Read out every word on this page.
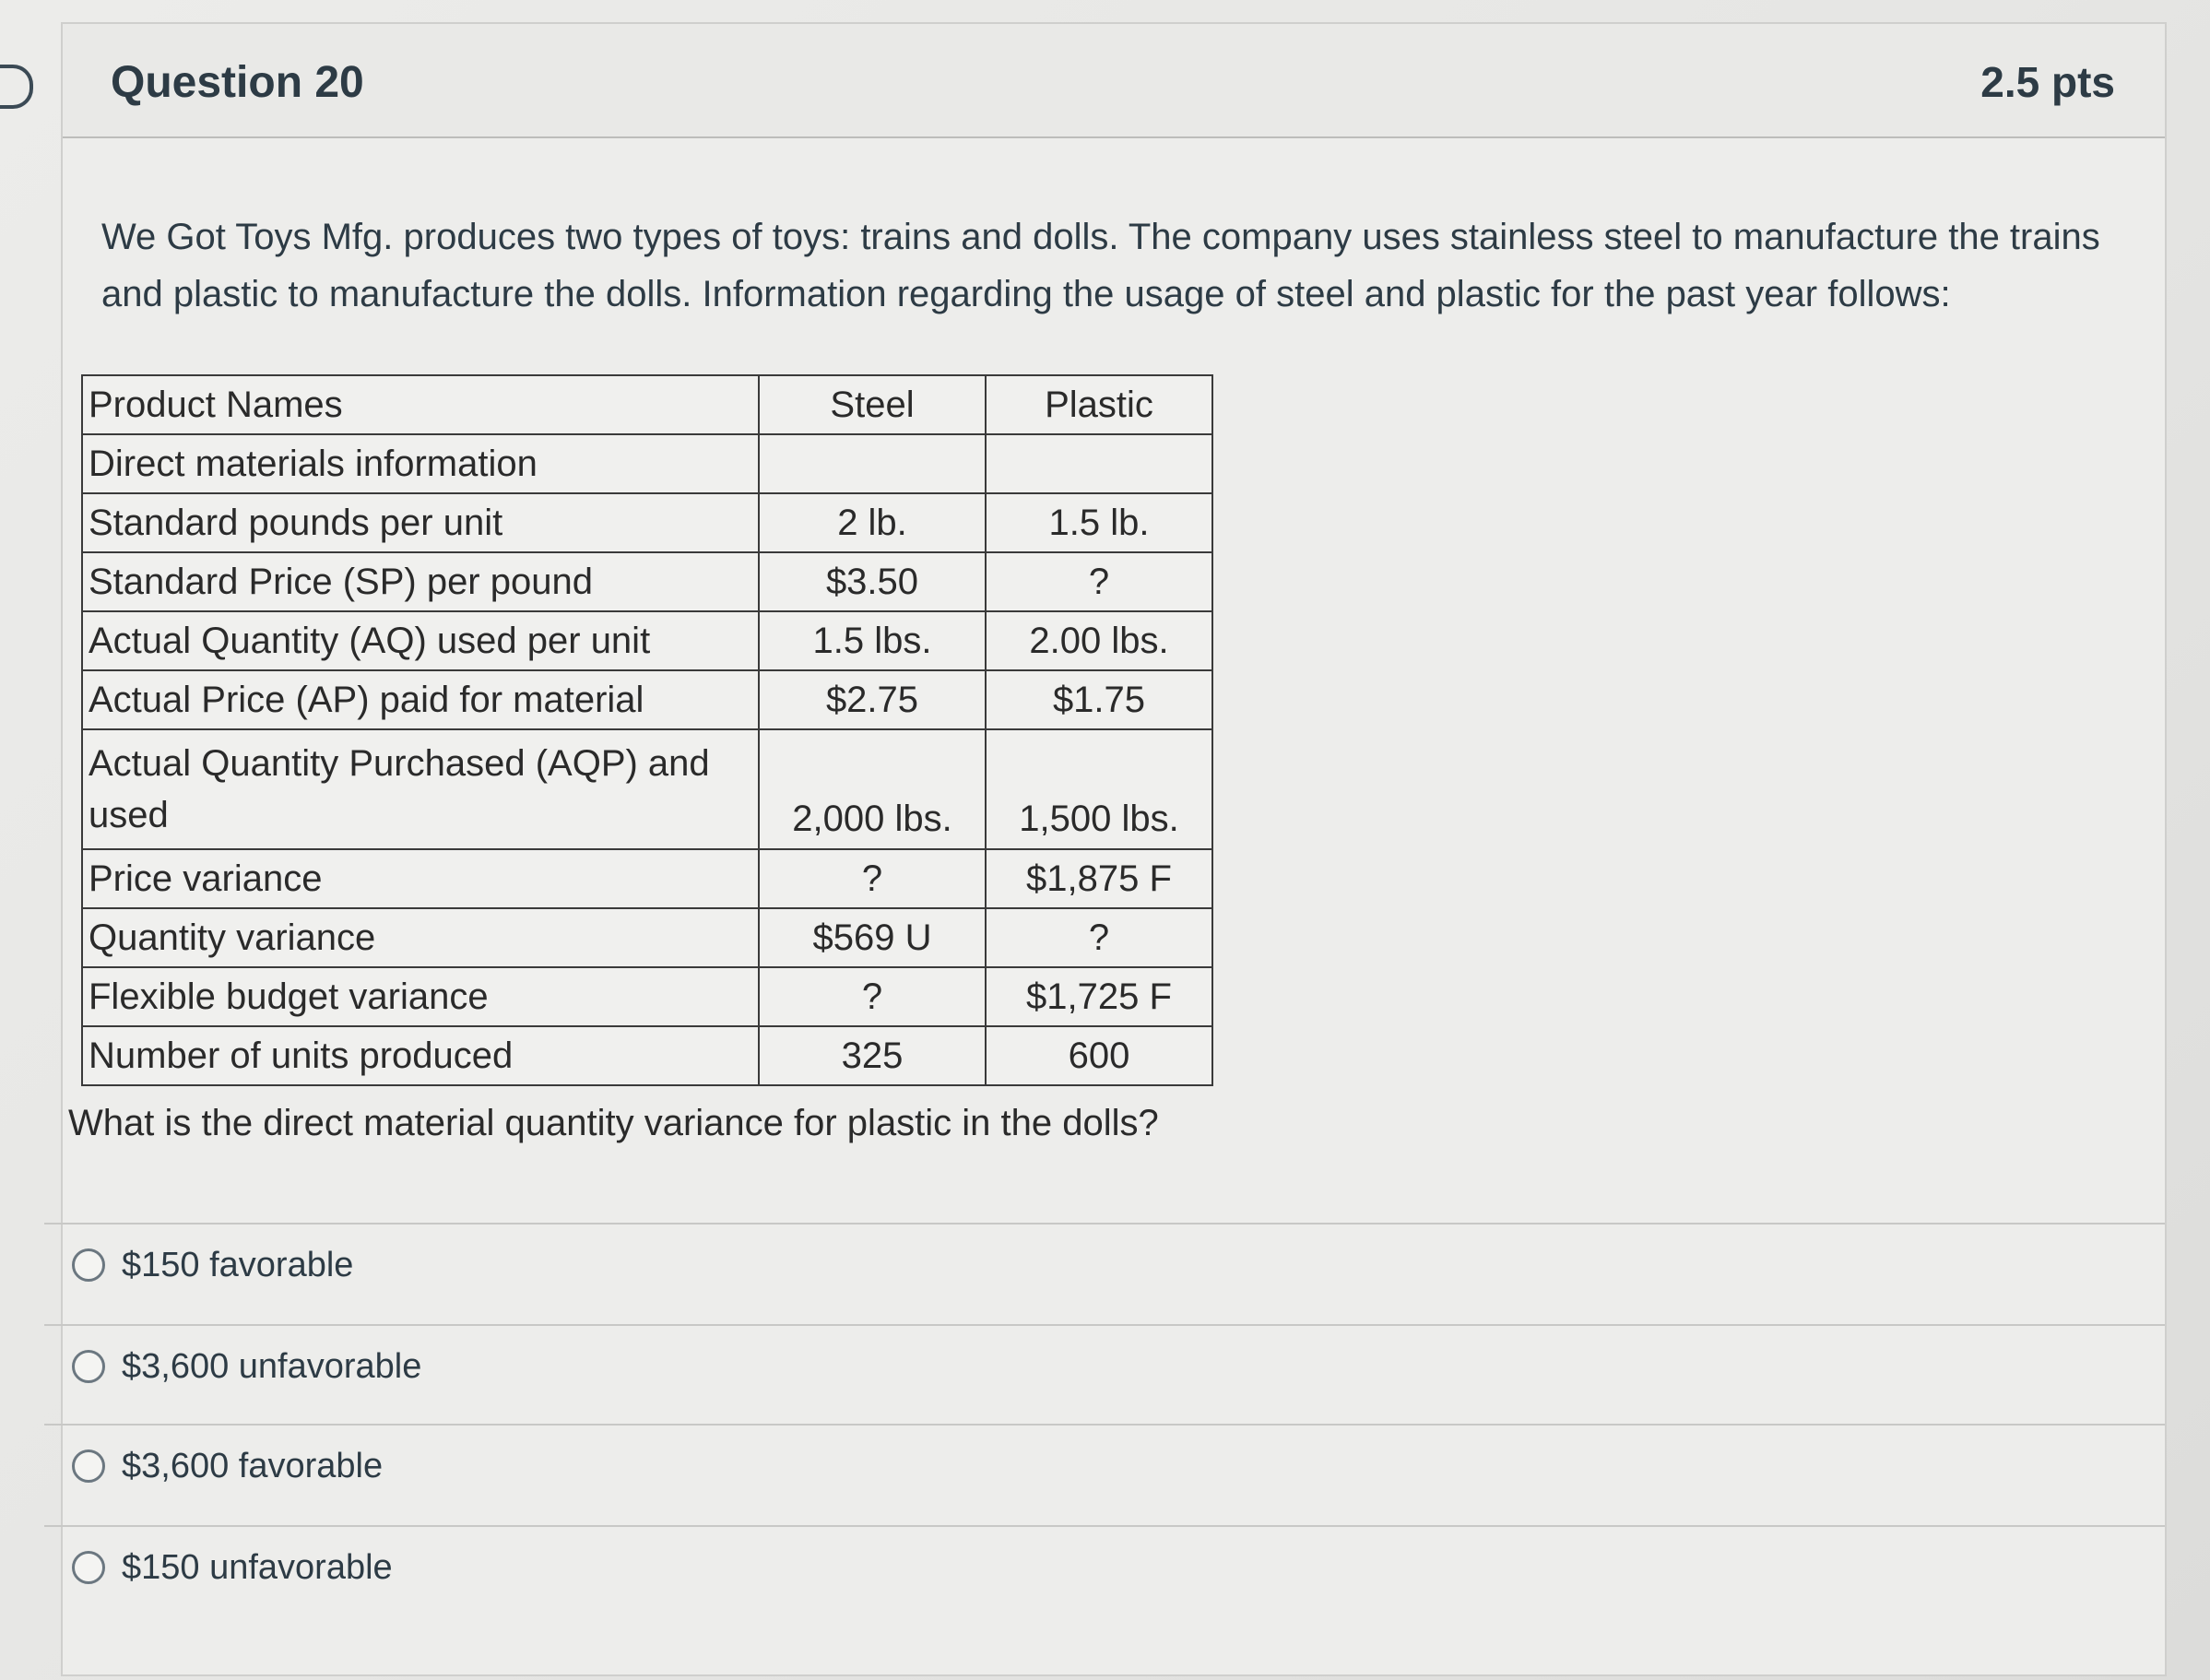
Question 20	2.5 pts
We Got Toys Mfg. produces two types of toys: trains and dolls. The company uses stainless steel to manufacture the trains and plastic to manufacture the dolls. Information regarding the usage of steel and plastic for the past year follows:
Product Names	Steel	Plastic
Direct materials information		
Standard pounds per unit	2 lb.	1.5 lb.
Standard Price (SP) per pound	$3.50	?
Actual Quantity (AQ) used per unit	1.5 lbs.	2.00 lbs.
Actual Price (AP) paid for material	$2.75	$1.75

Actual Quantity Purchased (AQP) and used	2,000 lbs.	1,500 lbs.
Price variance	?	$1,875 F
Quantity variance	$569 U	?
Flexible budget variance	?	$1,725 F
Number of units produced	325	600
What is the direct material quantity variance for plastic in the dolls?
$150 favorable
$3,600 unfavorable
$3,600 favorable
$150 unfavorable
